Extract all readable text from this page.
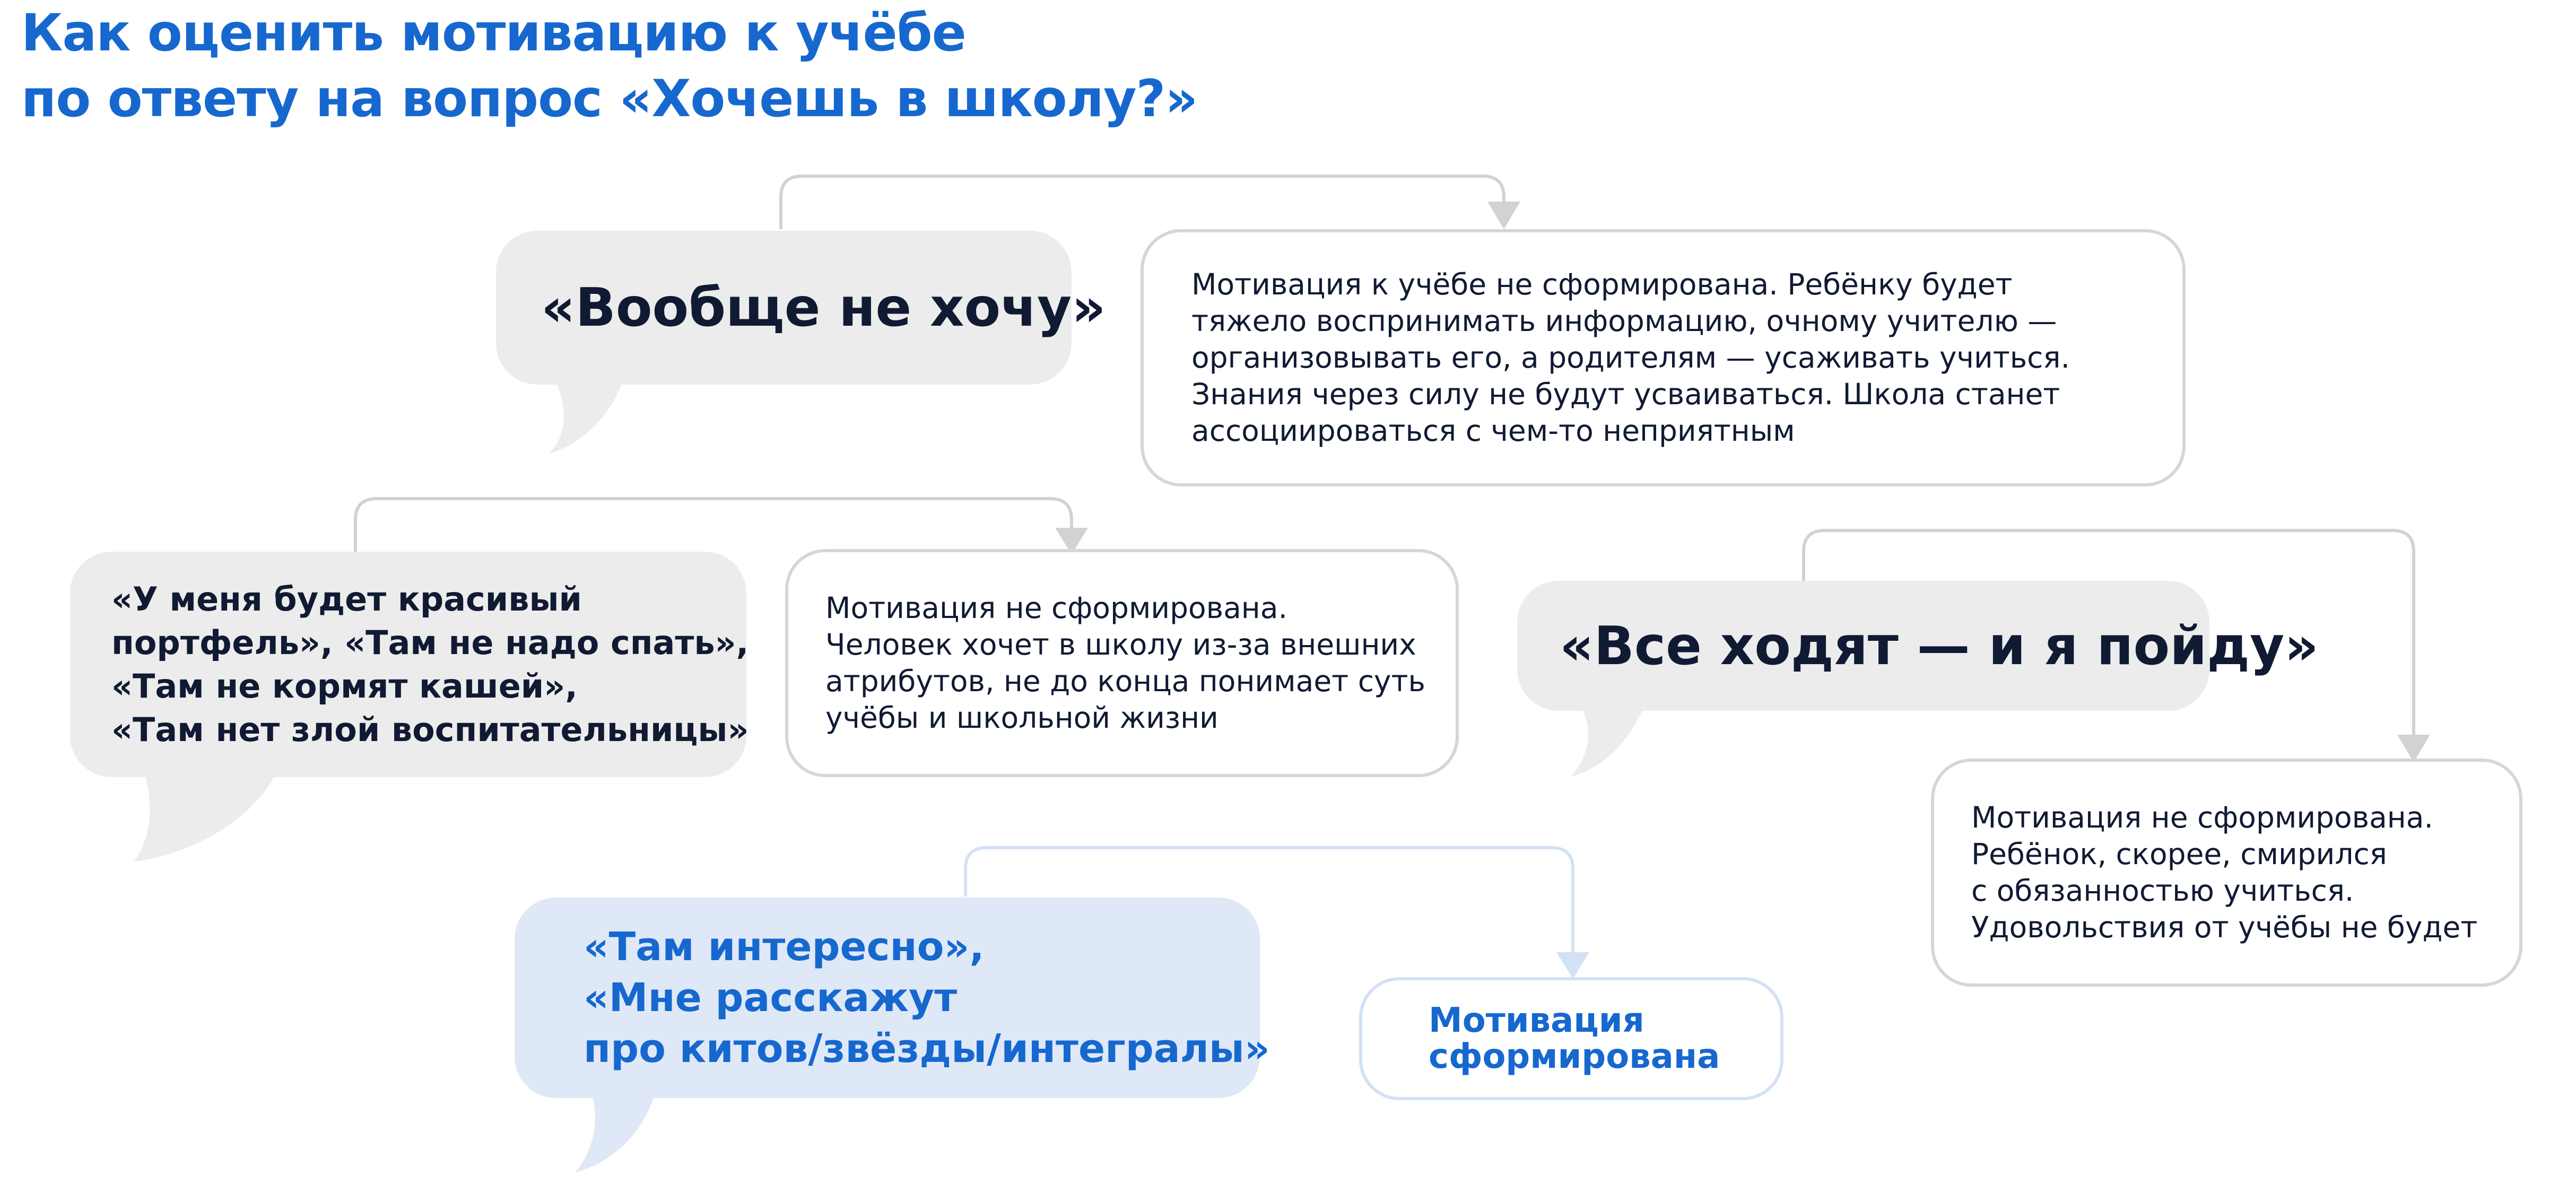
Как оценить мотивацию к учёбе
по ответу на вопрос «Хочешь в школу?»
«Вообще не хочу»	Мотивация к учёбе не сформирована. Ребёнку будет
тяжело воспринимать информацию, очному учителю —
организовывать его, а родителям — усаживать учиться.
Знания через силу не будут усваиваться. Школа станет
ассоциироваться с чем-то неприятным
«У меня будет красивый
портфель», «Там не надо спать»,
«Там не кормят кашей»,
«Там нет злой воспитательницы»
Мотивация не сформирована.
Человек хочет в школу из-за внешних
атрибутов, не до конца понимает суть
учёбы и школьной жизни
«Все ходят — и я пойду»
Мотивация не сформирована.
Ребёнок, скорее, смирился
с обязанностью учиться.
Удовольствия от учёбы не будет
«Там интересно»,
«Мне расскажут
про китов/звёзды/интегралы»
Мотивация
сформирована
